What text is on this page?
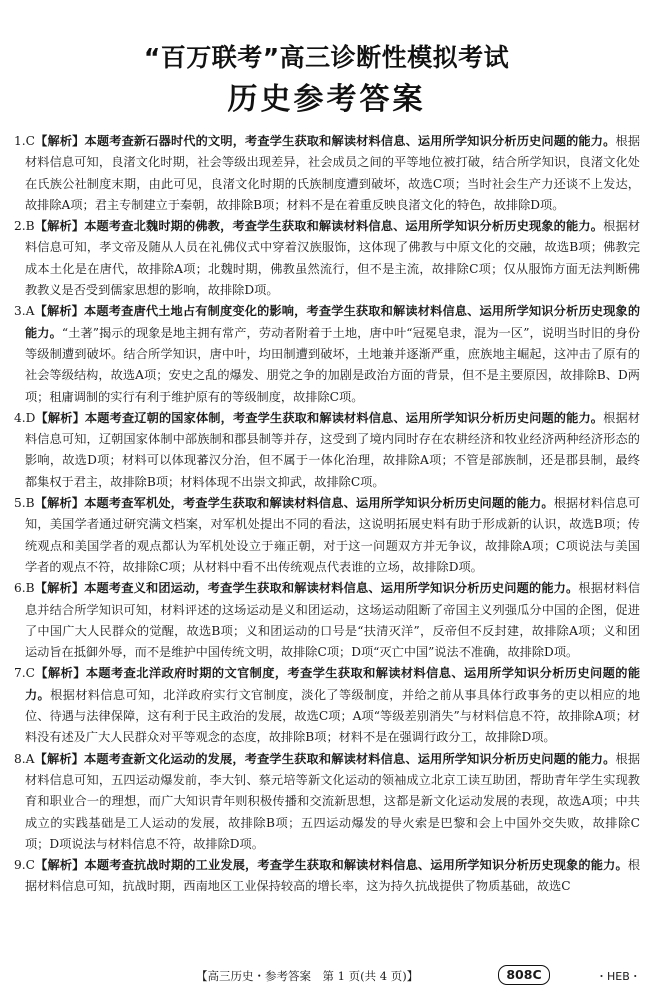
“百万联考”高三诊断性模拟考试
历史参考答案

1.C【解析】本题考查新石器时代的文明，考查学生获取和解读材料信息、运用所学知识分析历史问题的能力。根据材料信息可知，良渚文化时期，社会等级出现差异，社会成员之间的平等地位被打破，结合所学知识，良渚文化处在氏族公社制度末期，由此可见，良渚文化时期的氏族制度遭到破坏，故选C项；当时社会生产力还谈不上发达，故排除A项；君主专制建立于秦朝，故排除B项；材料不是在着重反映良渚文化的特色，故排除D项。

2.B【解析】本题考查北魏时期的佛教，考查学生获取和解读材料信息、运用所学知识分析历史现象的能力。根据材料信息可知，孝文帝及随从人员在礼佛仪式中穿着汉族服饰，这体现了佛教与中原文化的交融，故选B项；佛教完成本土化是在唐代，故排除A项；北魏时期，佛教虽然流行，但不是主流，故排除C项；仅从服饰方面无法判断佛教教义是否受到儒家思想的影响，故排除D项。

3.A【解析】本题考查唐代土地占有制度变化的影响，考查学生获取和解读材料信息、运用所学知识分析历史现象的能力。“土著”揭示的现象是地主拥有常产，劳动者附着于土地，唐中叶“冠冕皂隶，混为一区”，说明当时旧的身份等级制遭到破坏。结合所学知识，唐中叶，均田制遭到破坏，土地兼并逐渐严重，庶族地主崛起，这冲击了原有的社会等级结构，故选A项；安史之乱的爆发、朋党之争的加剧是政治方面的背景，但不是主要原因，故排除B、D两项；租庸调制的实行有利于维护原有的等级制度，故排除C项。

4.D【解析】本题考查辽朝的国家体制，考查学生获取和解读材料信息、运用所学知识分析历史问题的能力。根据材料信息可知，辽朝国家体制中部族制和郡县制等并存，这受到了境内同时存在农耕经济和牧业经济两种经济形态的影响，故选D项；材料可以体现蕃汉分治，但不属于一体化治理，故排除A项；不管是部族制，还是郡县制，最终都集权于君主，故排除B项；材料体现不出崇文抑武，故排除C项。

5.B【解析】本题考查军机处，考查学生获取和解读材料信息、运用所学知识分析历史问题的能力。根据材料信息可知，美国学者通过研究满文档案，对军机处提出不同的看法，这说明拓展史料有助于形成新的认识，故选B项；传统观点和美国学者的观点都认为军机处设立于雍正朝，对于这一问题双方并无争议，故排除A项；C项说法与美国学者的观点不符，故排除C项；从材料中看不出传统观点代表谁的立场，故排除D项。

6.B【解析】本题考查义和团运动，考查学生获取和解读材料信息、运用所学知识分析历史问题的能力。根据材料信息并结合所学知识可知，材料评述的这场运动是义和团运动，这场运动阻断了帝国主义列强瓜分中国的企图，促进了中国广大人民群众的觉醒，故选B项；义和团运动的口号是“扶清灭洋”，反帝但不反封建，故排除A项；义和团运动旨在抵御外辱，而不是维护中国传统文明，故排除C项；D项“灭亡中国”说法不准确，故排除D项。

7.C【解析】本题考查北洋政府时期的文官制度，考查学生获取和解读材料信息、运用所学知识分析历史问题的能力。根据材料信息可知，北洋政府实行文官制度，淡化了等级制度，并给之前从事具体行政事务的吏以相应的地位、待遇与法律保障，这有利于民主政治的发展，故选C项；A项“等级差别消失”与材料信息不符，故排除A项；材料没有述及广大人民群众对平等观念的态度，故排除B项；材料不是在强调行政分工，故排除D项。

8.A【解析】本题考查新文化运动的发展，考查学生获取和解读材料信息、运用所学知识分析历史问题的能力。根据材料信息可知，五四运动爆发前，李大钊、蔡元培等新文化运动的领袖成立北京工读互助团，帮助青年学生实现教育和职业合一的理想，而广大知识青年则积极传播和交流新思想，这都是新文化运动发展的表现，故选A项；中共成立的实践基础是工人运动的发展，故排除B项；五四运动爆发的导火索是巴黎和会上中国外交失败，故排除C项；D项说法与材料信息不符，故排除D项。

9.C【解析】本题考查抗战时期的工业发展，考查学生获取和解读材料信息、运用所学知识分析历史现象的能力。根据材料信息可知，抗战时期，西南地区工业保持较高的增长率，这为持久抗战提供了物质基础，故选C

【高三历史・参考答案　第 1 页(共 4 页)】	808C	・HEB・
